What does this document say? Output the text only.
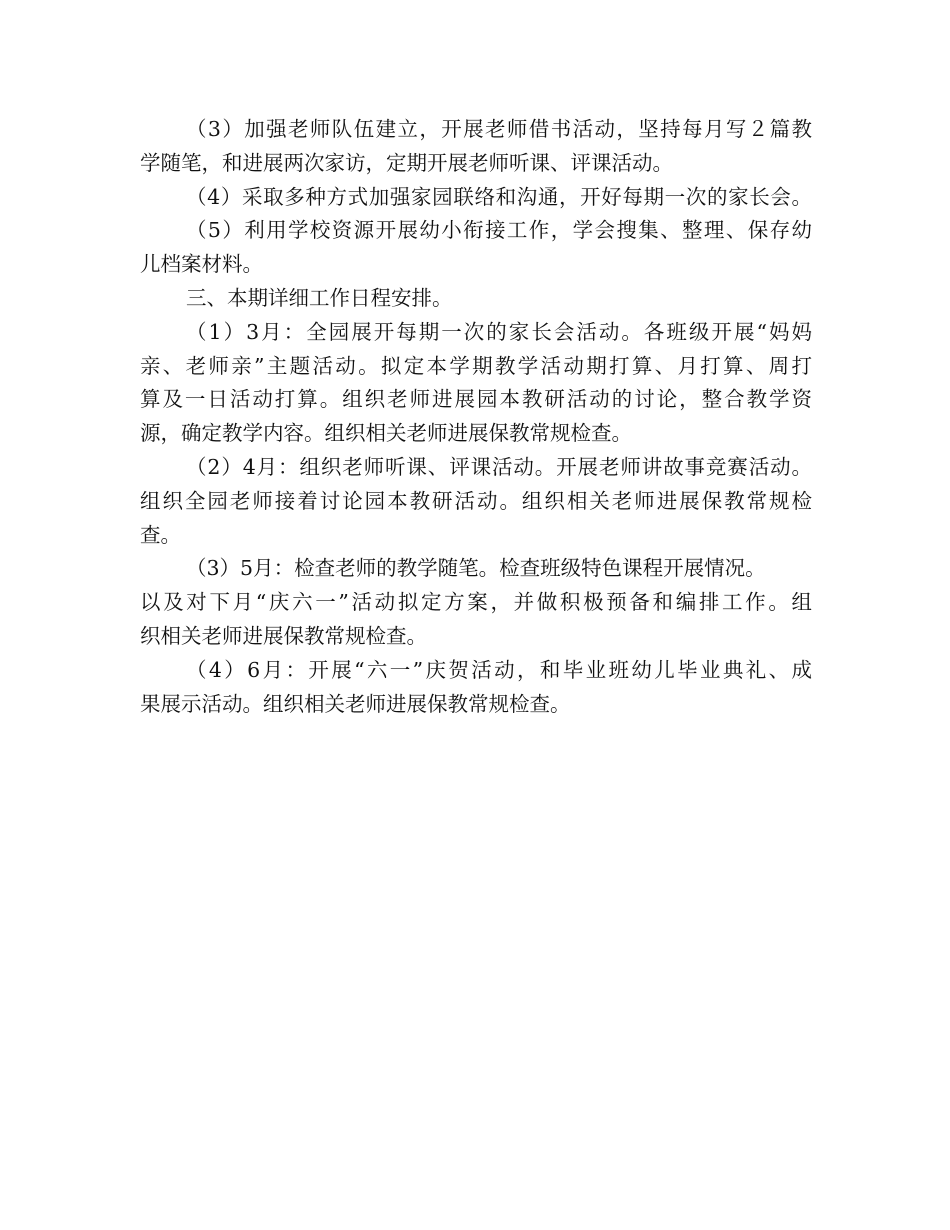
（3）加强老师队伍建立，开展老师借书活动，坚持每月写２篇教

学随笔，和进展两次家访，定期开展老师听课、评课活动。

（4）采取多种方式加强家园联络和沟通，开好每期一次的家长会。

（5）利用学校资源开展幼小衔接工作，学会搜集、整理、保存幼

儿档案材料。

三、本期详细工作日程安排。

（1）3月：全园展开每期一次的家长会活动。各班级开展“妈妈

亲、老师亲”主题活动。拟定本学期教学活动期打算、月打算、周打

算及一日活动打算。组织老师进展园本教研活动的讨论，整合教学资

源，确定教学内容。组织相关老师进展保教常规检查。

（2）4月：组织老师听课、评课活动。开展老师讲故事竞赛活动。

组织全园老师接着讨论园本教研活动。组织相关老师进展保教常规检

查。

（3）5月：检查老师的教学随笔。检查班级特色课程开展情况。

以及对下月“庆六一”活动拟定方案，并做积极预备和编排工作。组

织相关老师进展保教常规检查。

（4）6月：开展“六一”庆贺活动，和毕业班幼儿毕业典礼、成

果展示活动。组织相关老师进展保教常规检查。
